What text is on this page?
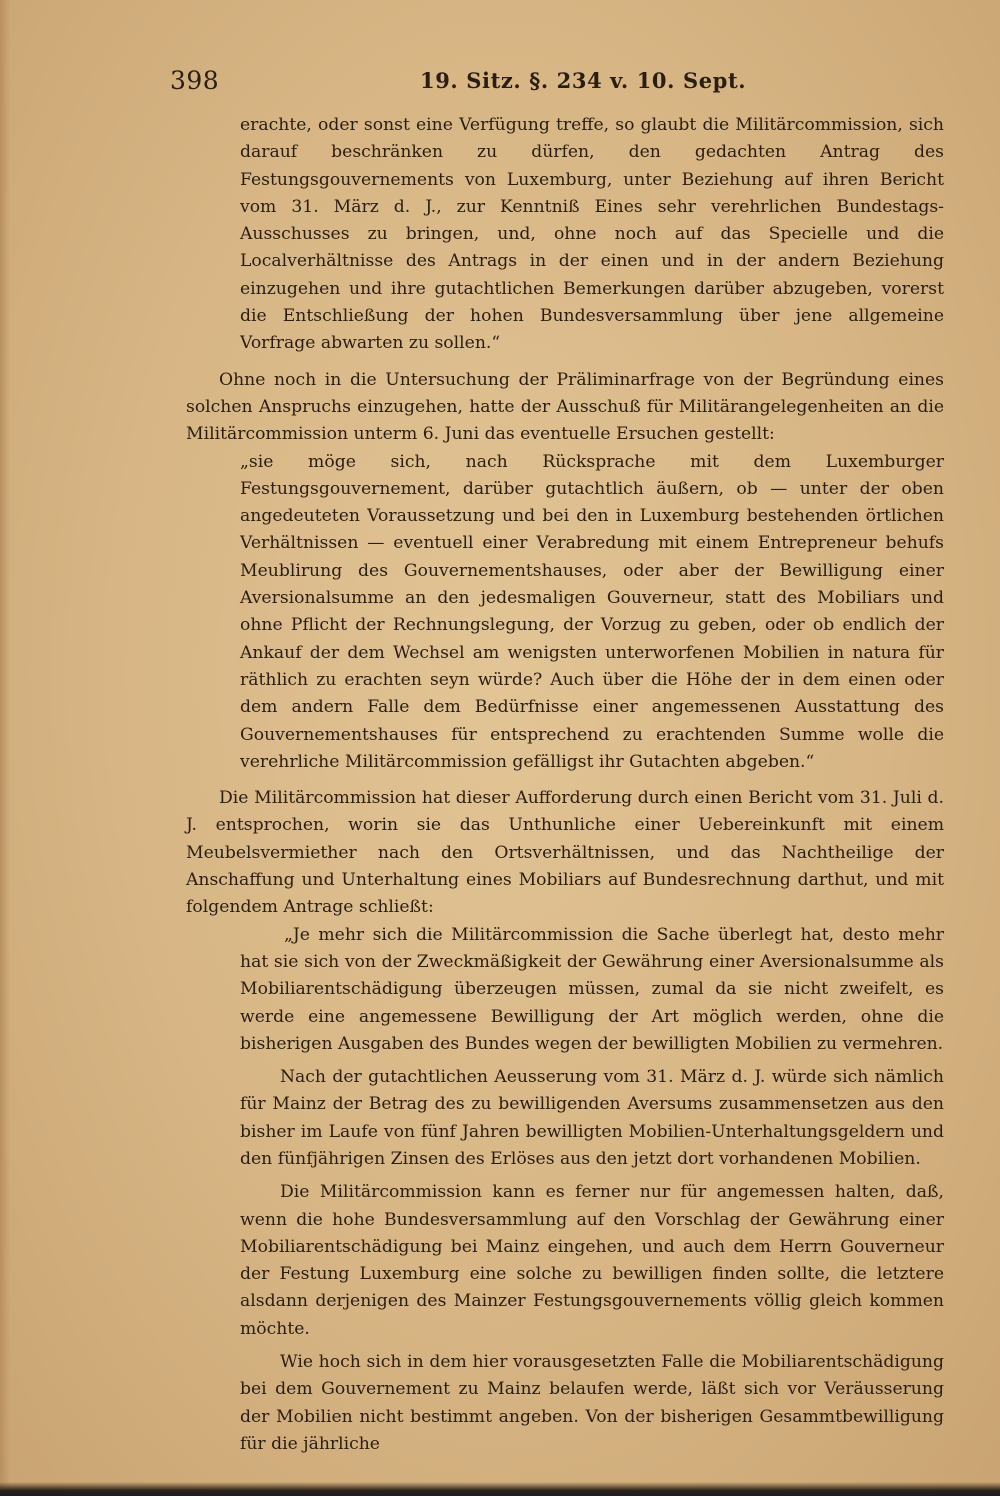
398	19. Sitz. §. 234 v. 10. Sept.

erachte, oder sonst eine Verfügung treffe, so glaubt die Militärcommission, sich darauf beschränken zu dürfen, den gedachten Antrag des Festungsgouvernements von Luxemburg, unter Beziehung auf ihren Bericht vom 31. März d. J., zur Kenntniß Eines sehr verehrlichen Bundestags-Ausschusses zu bringen, und, ohne noch auf das Specielle und die Localverhältnisse des Antrags in der einen und in der andern Beziehung einzugehen und ihre gutachtlichen Bemerkungen darüber abzugeben, vorerst die Entschließung der hohen Bundesversammlung über jene allgemeine Vorfrage abwarten zu sollen.“

Ohne noch in die Untersuchung der Präliminarfrage von der Begründung eines solchen Anspruchs einzugehen, hatte der Ausschuß für Militärangelegenheiten an die Militärcommission unterm 6. Juni das eventuelle Ersuchen gestellt:

„sie möge sich, nach Rücksprache mit dem Luxemburger Festungsgouvernement, darüber gutachtlich äußern, ob — unter der oben angedeuteten Voraussetzung und bei den in Luxemburg bestehenden örtlichen Verhältnissen — eventuell einer Verabredung mit einem Entrepreneur behufs Meublirung des Gouvernementshauses, oder aber der Bewilligung einer Aversionalsumme an den jedesmaligen Gouverneur, statt des Mobiliars und ohne Pflicht der Rechnungslegung, der Vorzug zu geben, oder ob endlich der Ankauf der dem Wechsel am wenigsten unterworfenen Mobilien in natura für räthlich zu erachten seyn würde? Auch über die Höhe der in dem einen oder dem andern Falle dem Bedürfnisse einer angemessenen Ausstattung des Gouvernementshauses für entsprechend zu erachtenden Summe wolle die verehrliche Militärcommission gefälligst ihr Gutachten abgeben.“

Die Militärcommission hat dieser Aufforderung durch einen Bericht vom 31. Juli d. J. entsprochen, worin sie das Unthunliche einer Uebereinkunft mit einem Meubelsvermiether nach den Ortsverhältnissen, und das Nachtheilige der Anschaffung und Unterhaltung eines Mobiliars auf Bundesrechnung darthut, und mit folgendem Antrage schließt:

„Je mehr sich die Militärcommission die Sache überlegt hat, desto mehr hat sie sich von der Zweckmäßigkeit der Gewährung einer Aversionalsumme als Mobiliarentschädigung überzeugen müssen, zumal da sie nicht zweifelt, es werde eine angemessene Bewilligung der Art möglich werden, ohne die bisherigen Ausgaben des Bundes wegen der bewilligten Mobilien zu vermehren.

Nach der gutachtlichen Aeusserung vom 31. März d. J. würde sich nämlich für Mainz der Betrag des zu bewilligenden Aversums zusammensetzen aus den bisher im Laufe von fünf Jahren bewilligten Mobilien-Unterhaltungsgeldern und den fünfjährigen Zinsen des Erlöses aus den jetzt dort vorhandenen Mobilien.

Die Militärcommission kann es ferner nur für angemessen halten, daß, wenn die hohe Bundesversammlung auf den Vorschlag der Gewährung einer Mobiliarentschädigung bei Mainz eingehen, und auch dem Herrn Gouverneur der Festung Luxemburg eine solche zu bewilligen finden sollte, die letztere alsdann derjenigen des Mainzer Festungsgouvernements völlig gleich kommen möchte.

Wie hoch sich in dem hier vorausgesetzten Falle die Mobiliarentschädigung bei dem Gouvernement zu Mainz belaufen werde, läßt sich vor Veräusserung der Mobilien nicht bestimmt angeben. Von der bisherigen Gesammtbewilligung für die jährliche
